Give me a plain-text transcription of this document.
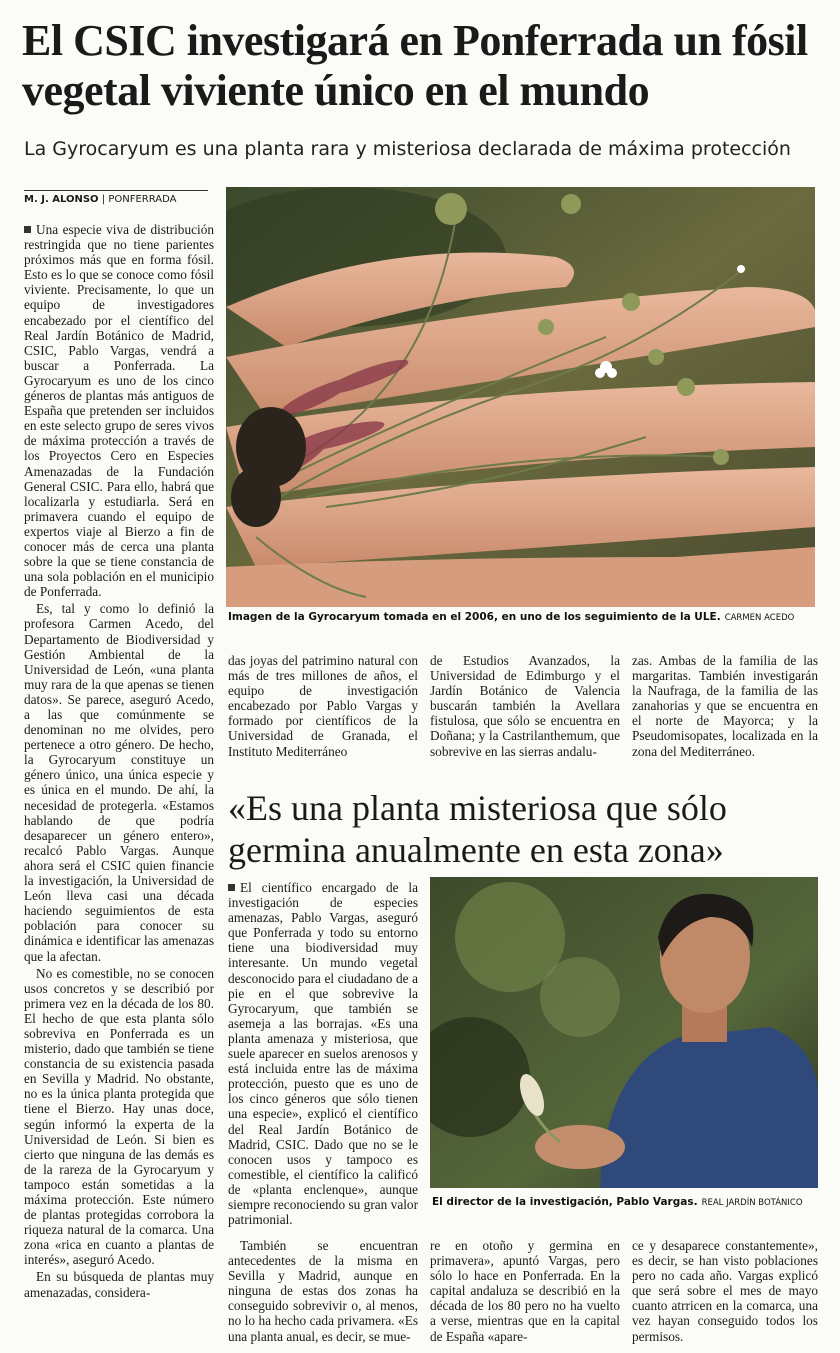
El CSIC investigará en Ponferrada un fósil vegetal viviente único en el mundo
La Gyrocaryum es una planta rara y misteriosa declarada de máxima protección
M. J. ALONSO | PONFERRADA

Una especie viva de distribución restringida que no tiene parientes próximos más que en forma fósil. Esto es lo que se conoce como fósil viviente. Precisamente, lo que un equipo de investigadores encabezado por el científico del Real Jardín Botánico de Madrid, CSIC, Pablo Vargas, vendrá a buscar a Ponferrada. La Gyrocaryum es uno de los cinco géneros de plantas más antiguos de España que pretenden ser incluidos en este selecto grupo de seres vivos de máxima protección a través de los Proyectos Cero en Especies Amenazadas de la Fundación General CSIC. Para ello, habrá que localizarla y estudiarla. Será en primavera cuando el equipo de expertos viaje al Bierzo a fin de conocer más de cerca una planta sobre la que se tiene constancia de una sola población en el municipio de Ponferrada.

Es, tal y como lo definió la profesora Carmen Acedo, del Departamento de Biodiversidad y Gestión Ambiental de la Universidad de León, «una planta muy rara de la que apenas se tienen datos». Se parece, aseguró Acedo, a las que comúnmente se denominan no me olvides, pero pertenece a otro género. De hecho, la Gyrocaryum constituye un género único, una única especie y es única en el mundo. De ahí, la necesidad de protegerla. «Estamos hablando de que podría desaparecer un género entero», recalcó Pablo Vargas. Aunque ahora será el CSIC quien financie la investigación, la Universidad de León lleva casi una década haciendo seguimientos de esta población para conocer su dinámica e identificar las amenazas que la afectan.

No es comestible, no se conocen usos concretos y se describió por primera vez en la década de los 80. El hecho de que esta planta sólo sobreviva en Ponferrada es un misterio, dado que también se tiene constancia de su existencia pasada en Sevilla y Madrid. No obstante, no es la única planta protegida que tiene el Bierzo. Hay unas doce, según informó la experta de la Universidad de León. Si bien es cierto que ninguna de las demás es de la rareza de la Gyrocaryum y tampoco están sometidas a la máxima protección. Este número de plantas protegidas corrobora la riqueza natural de la comarca. Una zona «rica en cuanto a plantas de interés», aseguró Acedo.

En su búsqueda de plantas muy amenazadas, considera-

Imagen de la Gyrocaryum tomada en el 2006, en uno de los seguimiento de la ULE. CARMEN ACEDO

das joyas del patrimino natural con más de tres millones de años, el equipo de investigación encabezado por Pablo Vargas y formado por científicos de la Universidad de Granada, el Instituto Mediterráneo

de Estudios Avanzados, la Universidad de Edimburgo y el Jardín Botánico de Valencia buscarán también la Avellara fistulosa, que sólo se encuentra en Doñana; y la Castrilanthemum, que sobrevive en las sierras andalu-

zas. Ambas de la familia de las margaritas. También investigarán la Naufraga, de la familia de las zanahorias y que se encuentra en el norte de Mayorca; y la Pseudomisopates, localizada en la zona del Mediterráneo.

«Es una planta misteriosa que sólo germina anualmente en esta zona»

El científico encargado de la investigación de especies amenazas, Pablo Vargas, aseguró que Ponferrada y todo su entorno tiene una biodiversidad muy interesante. Un mundo vegetal desconocido para el ciudadano de a pie en el que sobrevive la Gyrocaryum, que también se asemeja a las borrajas. «Es una planta amenaza y misteriosa, que suele aparecer en suelos arenosos y está incluida entre las de máxima protección, puesto que es uno de los cinco géneros que sólo tienen una especie», explicó el científico del Real Jardín Botánico de Madrid, CSIC. Dado que no se le conocen usos y tampoco es comestible, el científico la calificó de «planta enclenque», aunque siempre reconociendo su gran valor patrimonial.

El director de la investigación, Pablo Vargas. REAL JARDÍN BOTÁNICO

También se encuentran antecedentes de la misma en Sevilla y Madrid, aunque en ninguna de estas dos zonas ha conseguido sobrevivir o, al menos, no lo ha hecho cada privamera. «Es una planta anual, es decir, se mue-

re en otoño y germina en primavera», apuntó Vargas, pero sólo lo hace en Ponferrada. En la capital andaluza se describió en la década de los 80 pero no ha vuelto a verse, mientras que en la capital de España «apare-

ce y desaparece constantemente», es decir, se han visto poblaciones pero no cada año. Vargas explicó que será sobre el mes de mayo cuanto atrricen en la comarca, una vez hayan conseguido todos los permisos.
